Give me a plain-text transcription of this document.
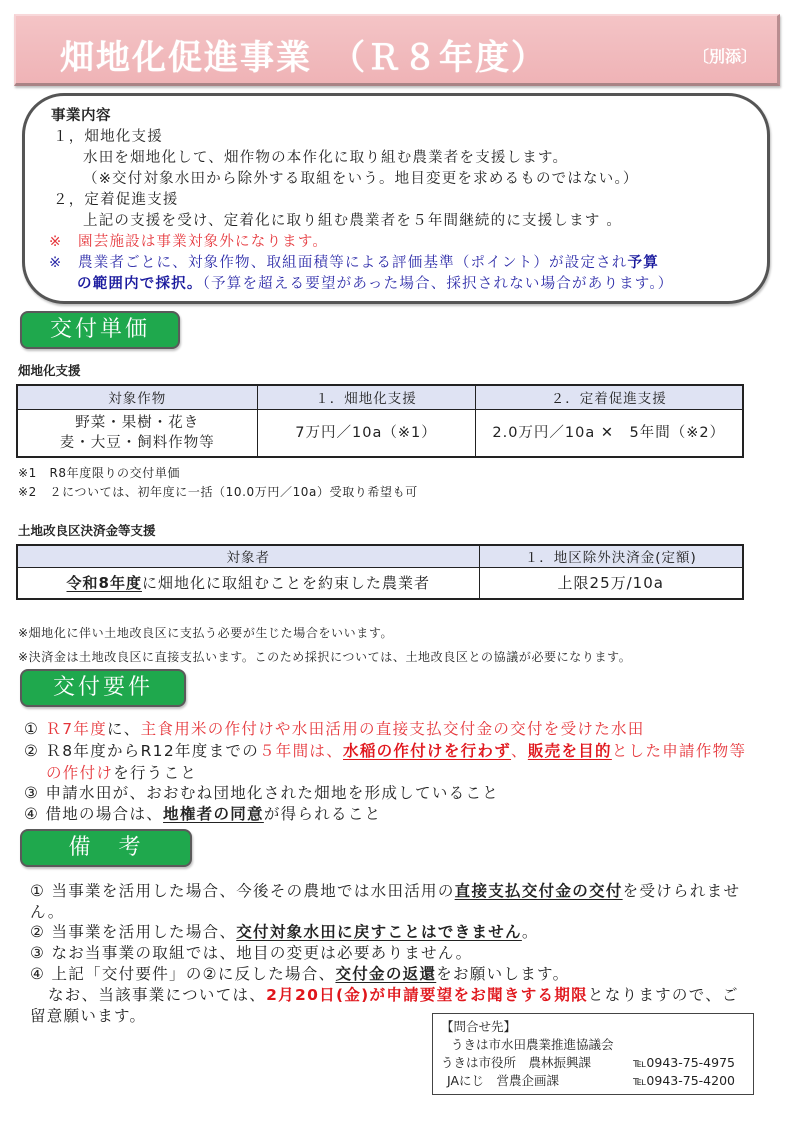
畑地化促進事業　（Ｒ８年度）	〔別添〕
事業内容
１，畑地化支援
水田を畑地化して、畑作物の本作化に取り組む農業者を支援します。
（※交付対象水田から除外する取組をいう。地目変更を求めるものではない。）
２，定着促進支援
上記の支援を受け、定着化に取り組む農業者を５年間継続的に支援します 。
※　園芸施設は事業対象外になります。
※　農業者ごとに、対象作物、取組面積等による評価基準（ポイント）が設定され予算
の範囲内で採択。（予算を超える要望があった場合、採択されない場合があります。）
交付単価
畑地化支援
対象作物	１．畑地化支援	２．定着促進支援

野菜・果樹・花き
麦・大豆・飼料作物等	7万円／10a（※1）	2.0万円／10a ✕　5年間（※2）
※1　R8年度限りの交付単価
※2　２については、初年度に一括（10.0万円／10a）受取り希望も可
土地改良区決済金等支援
対象者	１．地区除外決済金(定額)
令和8年度に畑地化に取組むことを約束した農業者	上限25万/10a
※畑地化に伴い土地改良区に支払う必要が生じた場合をいいます。
※決済金は土地改良区に直接支払います。このため採択については、土地改良区との協議が必要になります。
交付要件
① Ｒ7年度に、主食用米の作付けや水田活用の直接支払交付金の交付を受けた水田
② Ｒ8年度からR12年度までの５年間は、水稲の作付けを行わず、販売を目的とした申請作物等
の作付けを行うこと
③ 申請水田が、おおむね団地化された畑地を形成していること
④ 借地の場合は、地権者の同意が得られること
備　考
① 当事業を活用した場合、今後その農地では水田活用の直接支払交付金の交付を受けられませ
ん。
② 当事業を活用した場合、交付対象水田に戻すことはできません。
③ なお当事業の取組では、地目の変更は必要ありません。
④ 上記「交付要件」の②に反した場合、交付金の返還をお願いします。
なお、当該事業については、2月20日(金)が申請要望をお聞きする期限となりますので、ご
留意願います。
【問合せ先】
うきは市水田農業推進協議会
うきは市役所　農林振興課	℡0943-75-4975
JAにじ　営農企画課	℡0943-75-4200
